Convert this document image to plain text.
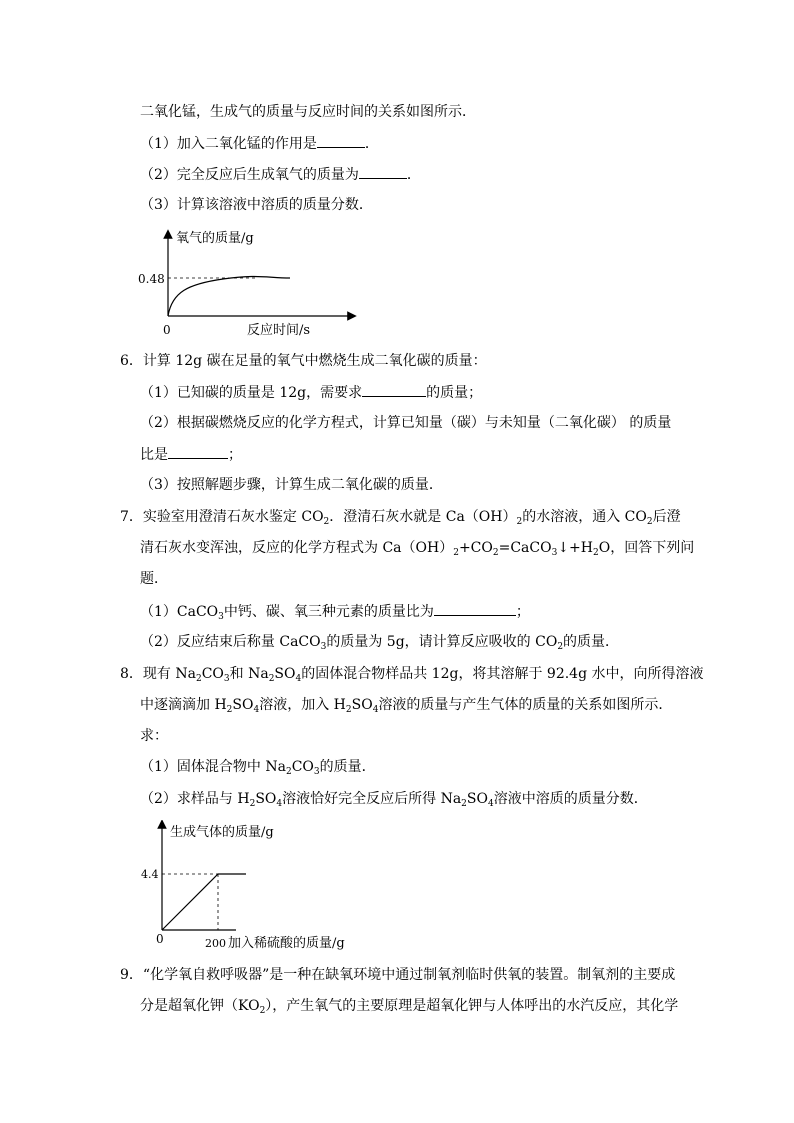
二氧化锰，生成气的质量与反应时间的关系如图所示．
（1）加入二氧化锰的作用是	．
（2）完全反应后生成氧气的质量为	．
（3）计算该溶液中溶质的质量分数．
氧气的质量/g
0.48
0	反应时间/s
6．计算 12g 碳在足量的氧气中燃烧生成二氧化碳的质量：
（1）已知碳的质量是 12g，需要求	的质量；
（2）根据碳燃烧反应的化学方程式，计算已知量（碳）与未知量（二氧化碳） 的质量
比是	；
（3）按照解题步骤，计算生成二氧化碳的质量．
7．实验室用澄清石灰水鉴定 $CO_2$．澄清石灰水就是 $Ca(OH)_2$的水溶液，通入 $CO_2$后澄
清石灰水变浑浊，反应的化学方程式为 $Ca(OH)_2+CO_2=CaCO_3↓+H_2O$，回答下列问
题．
（1）CaCO$_3$中钙、碳、氧三种元素的质量比为	；
（2）反应结束后称量 CaCO$_3$的质量为 5g，请计算反应吸收的 $CO_2$的质量．
8．现有 $Na_2CO_3$和 $Na_2SO_4$的固体混合物样品共 12g，将其溶解于 92.4g 水中，向所得溶液
中逐滴滴加 $H_2SO_4$溶液，加入 $H_2SO_4$溶液的质量与产生气体的质量的关系如图所示．
求：
（1）固体混合物中 $Na_2CO_3$的质量．
（2）求样品与 $H_2SO_4$溶液恰好完全反应后所得 $Na_2SO_4$溶液中溶质的质量分数．
生成气体的质量/g
4.4
0	200 加入稀硫酸的质量/g
9．“化学氧自救呼吸器”是一种在缺氧环境中通过制氧剂临时供氧的装置。制氧剂的主要成
分是超氧化钾$(KO_2)$，产生氧气的主要原理是超氧化钾与人体呼出的水汽反应，其化学
